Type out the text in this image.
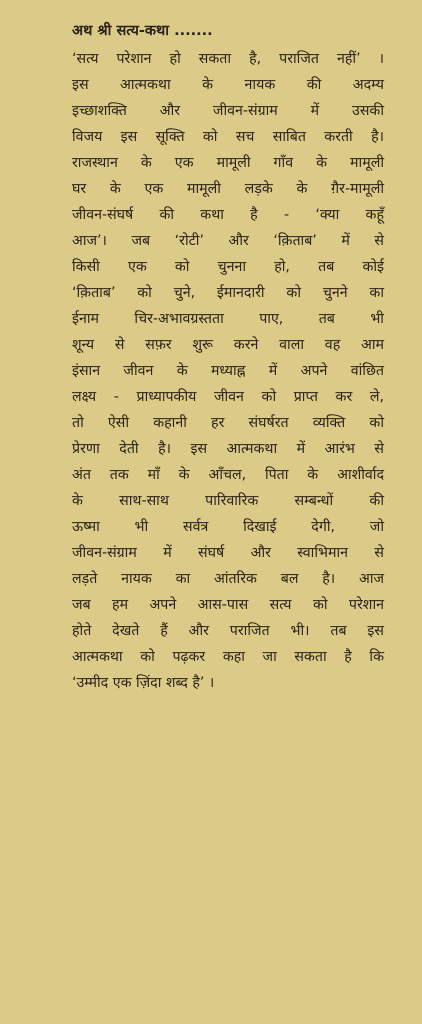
अथ श्री सत्य-कथा .......
‘सत्य परेशान हो सकता है, पराजित नहीं’ ।
इस आत्मकथा के नायक की अदम्य
इच्छाशक्ति और जीवन-संग्राम में उसकी
विजय इस सूक्ति को सच साबित करती है।
राजस्थान के एक मामूली गाँव के मामूली
घर के एक मामूली लड़के के ग़ैर-मामूली
जीवन-संघर्ष की कथा है - ‘क्या कहूँ
आज’। जब ‘रोटी’ और ‘क़िताब’ में से
किसी एक को चुनना हो, तब कोई
‘क़िताब’ को चुने, ईमानदारी को चुनने का
ईनाम चिर-अभावग्रस्तता पाए, तब भी
शून्य से सफ़र शुरू करने वाला वह आम
इंसान जीवन के मध्याह्न में अपने वांछित
लक्ष्य - प्राध्यापकीय जीवन को प्राप्त कर ले,
तो ऐसी कहानी हर संघर्षरत व्यक्ति को
प्रेरणा देती है। इस आत्मकथा में आरंभ से
अंत तक माँ के आँचल, पिता के आशीर्वाद
के साथ-साथ पारिवारिक सम्बन्धों की
ऊष्मा भी सर्वत्र दिखाई देगी, जो
जीवन-संग्राम में संघर्ष और स्वाभिमान से
लड़ते नायक का आंतरिक बल है। आज
जब हम अपने आस-पास सत्य को परेशान
होते देखते हैं और पराजित भी। तब इस
आत्मकथा को पढ़कर कहा जा सकता है कि
‘उम्मीद एक ज़िंदा शब्द है’ ।
